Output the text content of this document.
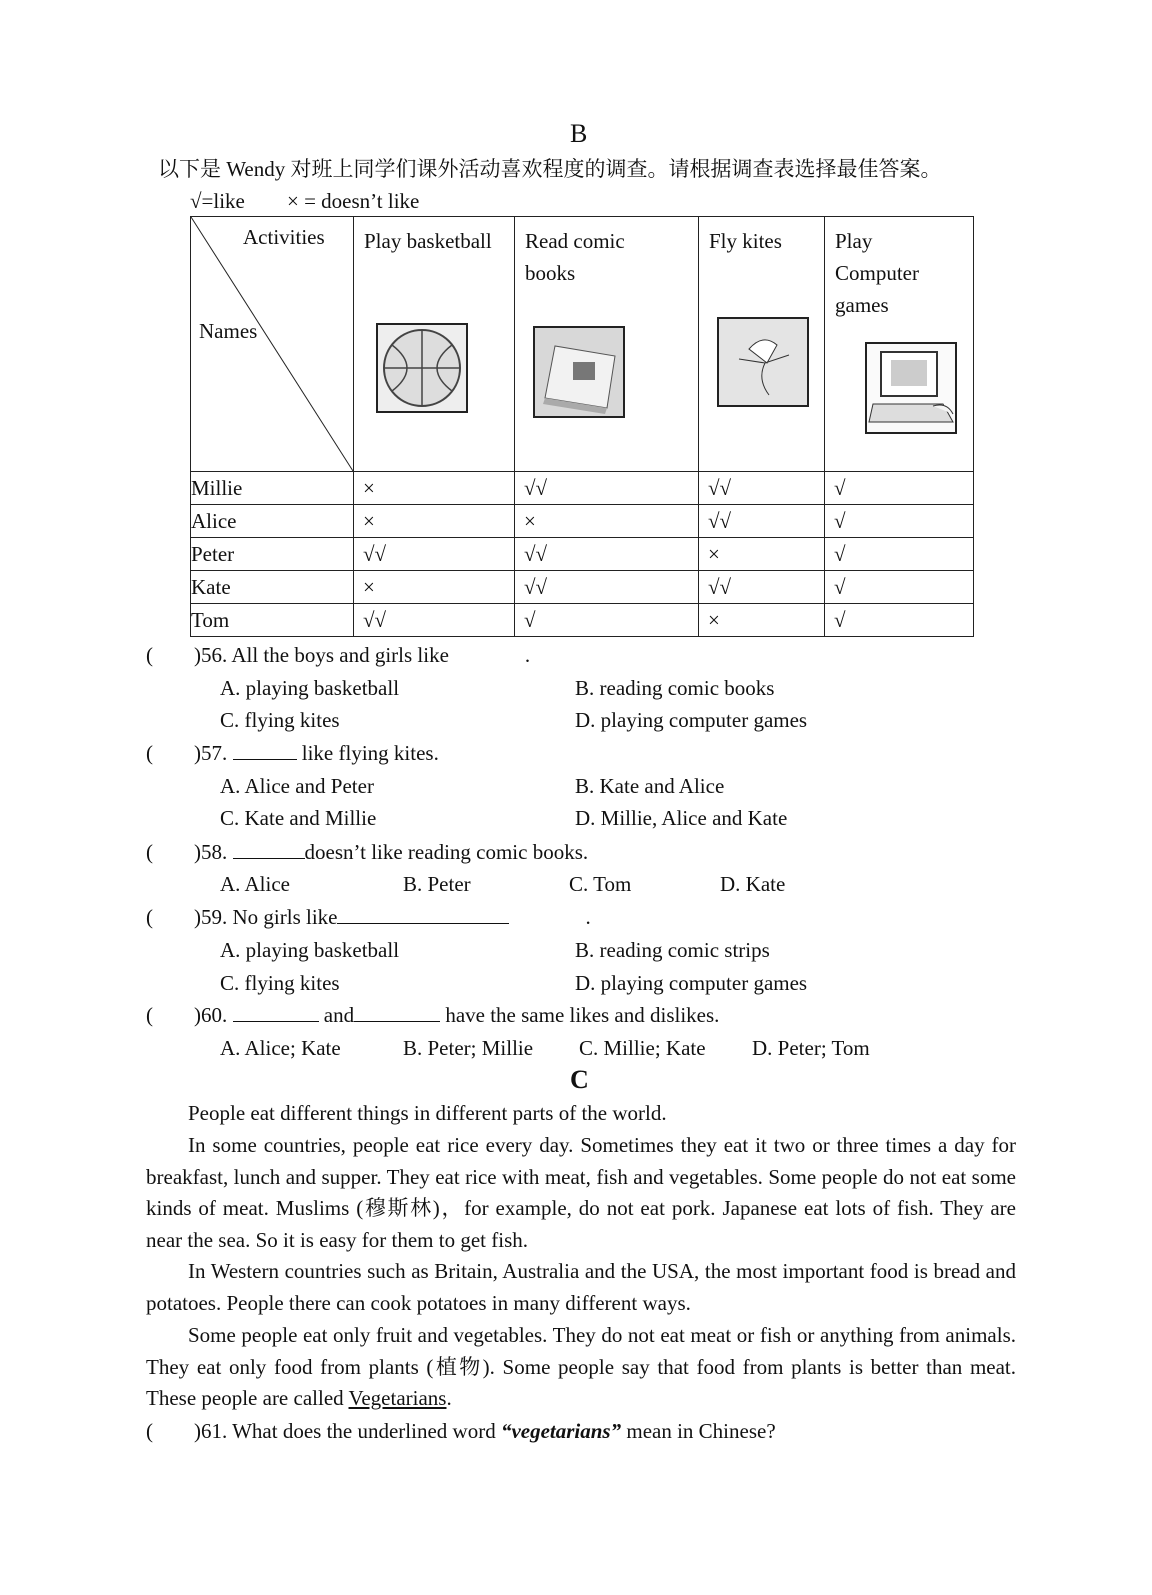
B
以下是 Wendy 对班上同学们课外活动喜欢程度的调查。请根据调查表选择最佳答案。
√=like × = doesn’t like
Activities
Names	Play basketball	Read comic books	Fly kites	Play Computer games

Millie	×	√√	√√	√
Alice	×	×	√√	√
Peter	√√	√√	×	√
Kate	×	√√	√√	√
Tom	√√	√	×	√
( )56. All the boys and girls like	.
A. playing basketball	B. reading comic books
C. flying kites	D. playing computer games
( )57.	like flying kites.
A. Alice and Peter	B. Kate and Alice
C. Kate and Millie	D. Millie, Alice and Kate
( )58.	doesn’t like reading comic books.
A. Alice	B. Peter	C. Tom	D. Kate
( )59. No girls like	.
A. playing basketball	B. reading comic strips
C. flying kites	D. playing computer games
( )60.	and	have the same likes and dislikes.
A. Alice; Kate	B. Peter; Millie C. Millie; Kate D. Peter; Tom
C
People eat different things in different parts of the world.
In some countries, people eat rice every day. Sometimes they eat it two or three times a day for breakfast, lunch and supper. They eat rice with meat, fish and vegetables. Some people do not eat some kinds of meat. Muslims (穆斯林)，for example, do not eat pork. Japanese eat lots of fish. They are near the sea. So it is easy for them to get fish.
In Western countries such as Britain, Australia and the USA, the most important food is bread and potatoes. People there can cook potatoes in many different ways.
Some people eat only fruit and vegetables. They do not eat meat or fish or anything from animals. They eat only food from plants (植物). Some people say that food from plants is better than meat. These people are called Vegetarians.
( )61. What does the underlined word “vegetarians” mean in Chinese?
